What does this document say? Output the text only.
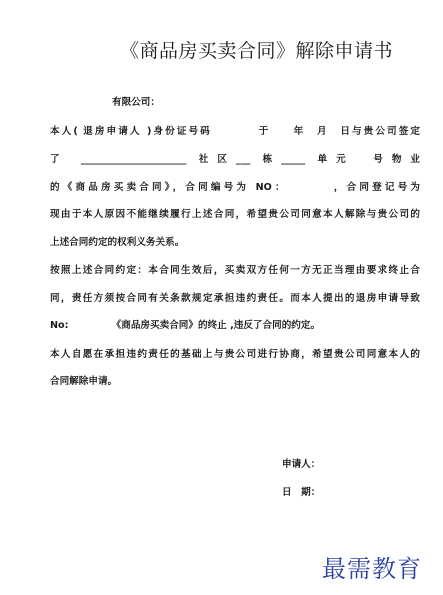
《商品房买卖合同》解除申请书
有限公司：
本人( 退房申请人 )身份证号码　　　　于　　年　月　日与贵公司签定
了 ______________________ 社区___ 栋_____ 单元　号物业
的《商品房买卖合同》，合同编号为 NO：　　　　，合同登记号为
现由于本人原因不能继续履行上述合同，希望贵公司同意本人解除与贵公司的
上述合同约定的权利义务关系。
按照上述合同约定：本合同生效后，买卖双方任何一方无正当理由要求终止合
同，责任方须按合同有关条款规定承担违约责任。而本人提出的退房申请导致
No:　　　　　《商品房买卖合同》的终止 ,违反了合同的约定。
本人自愿在承担违约责任的基础上与贵公司进行协商，希望贵公司同意本人的
合同解除申请。
申请人：
日　期：
最需教育
